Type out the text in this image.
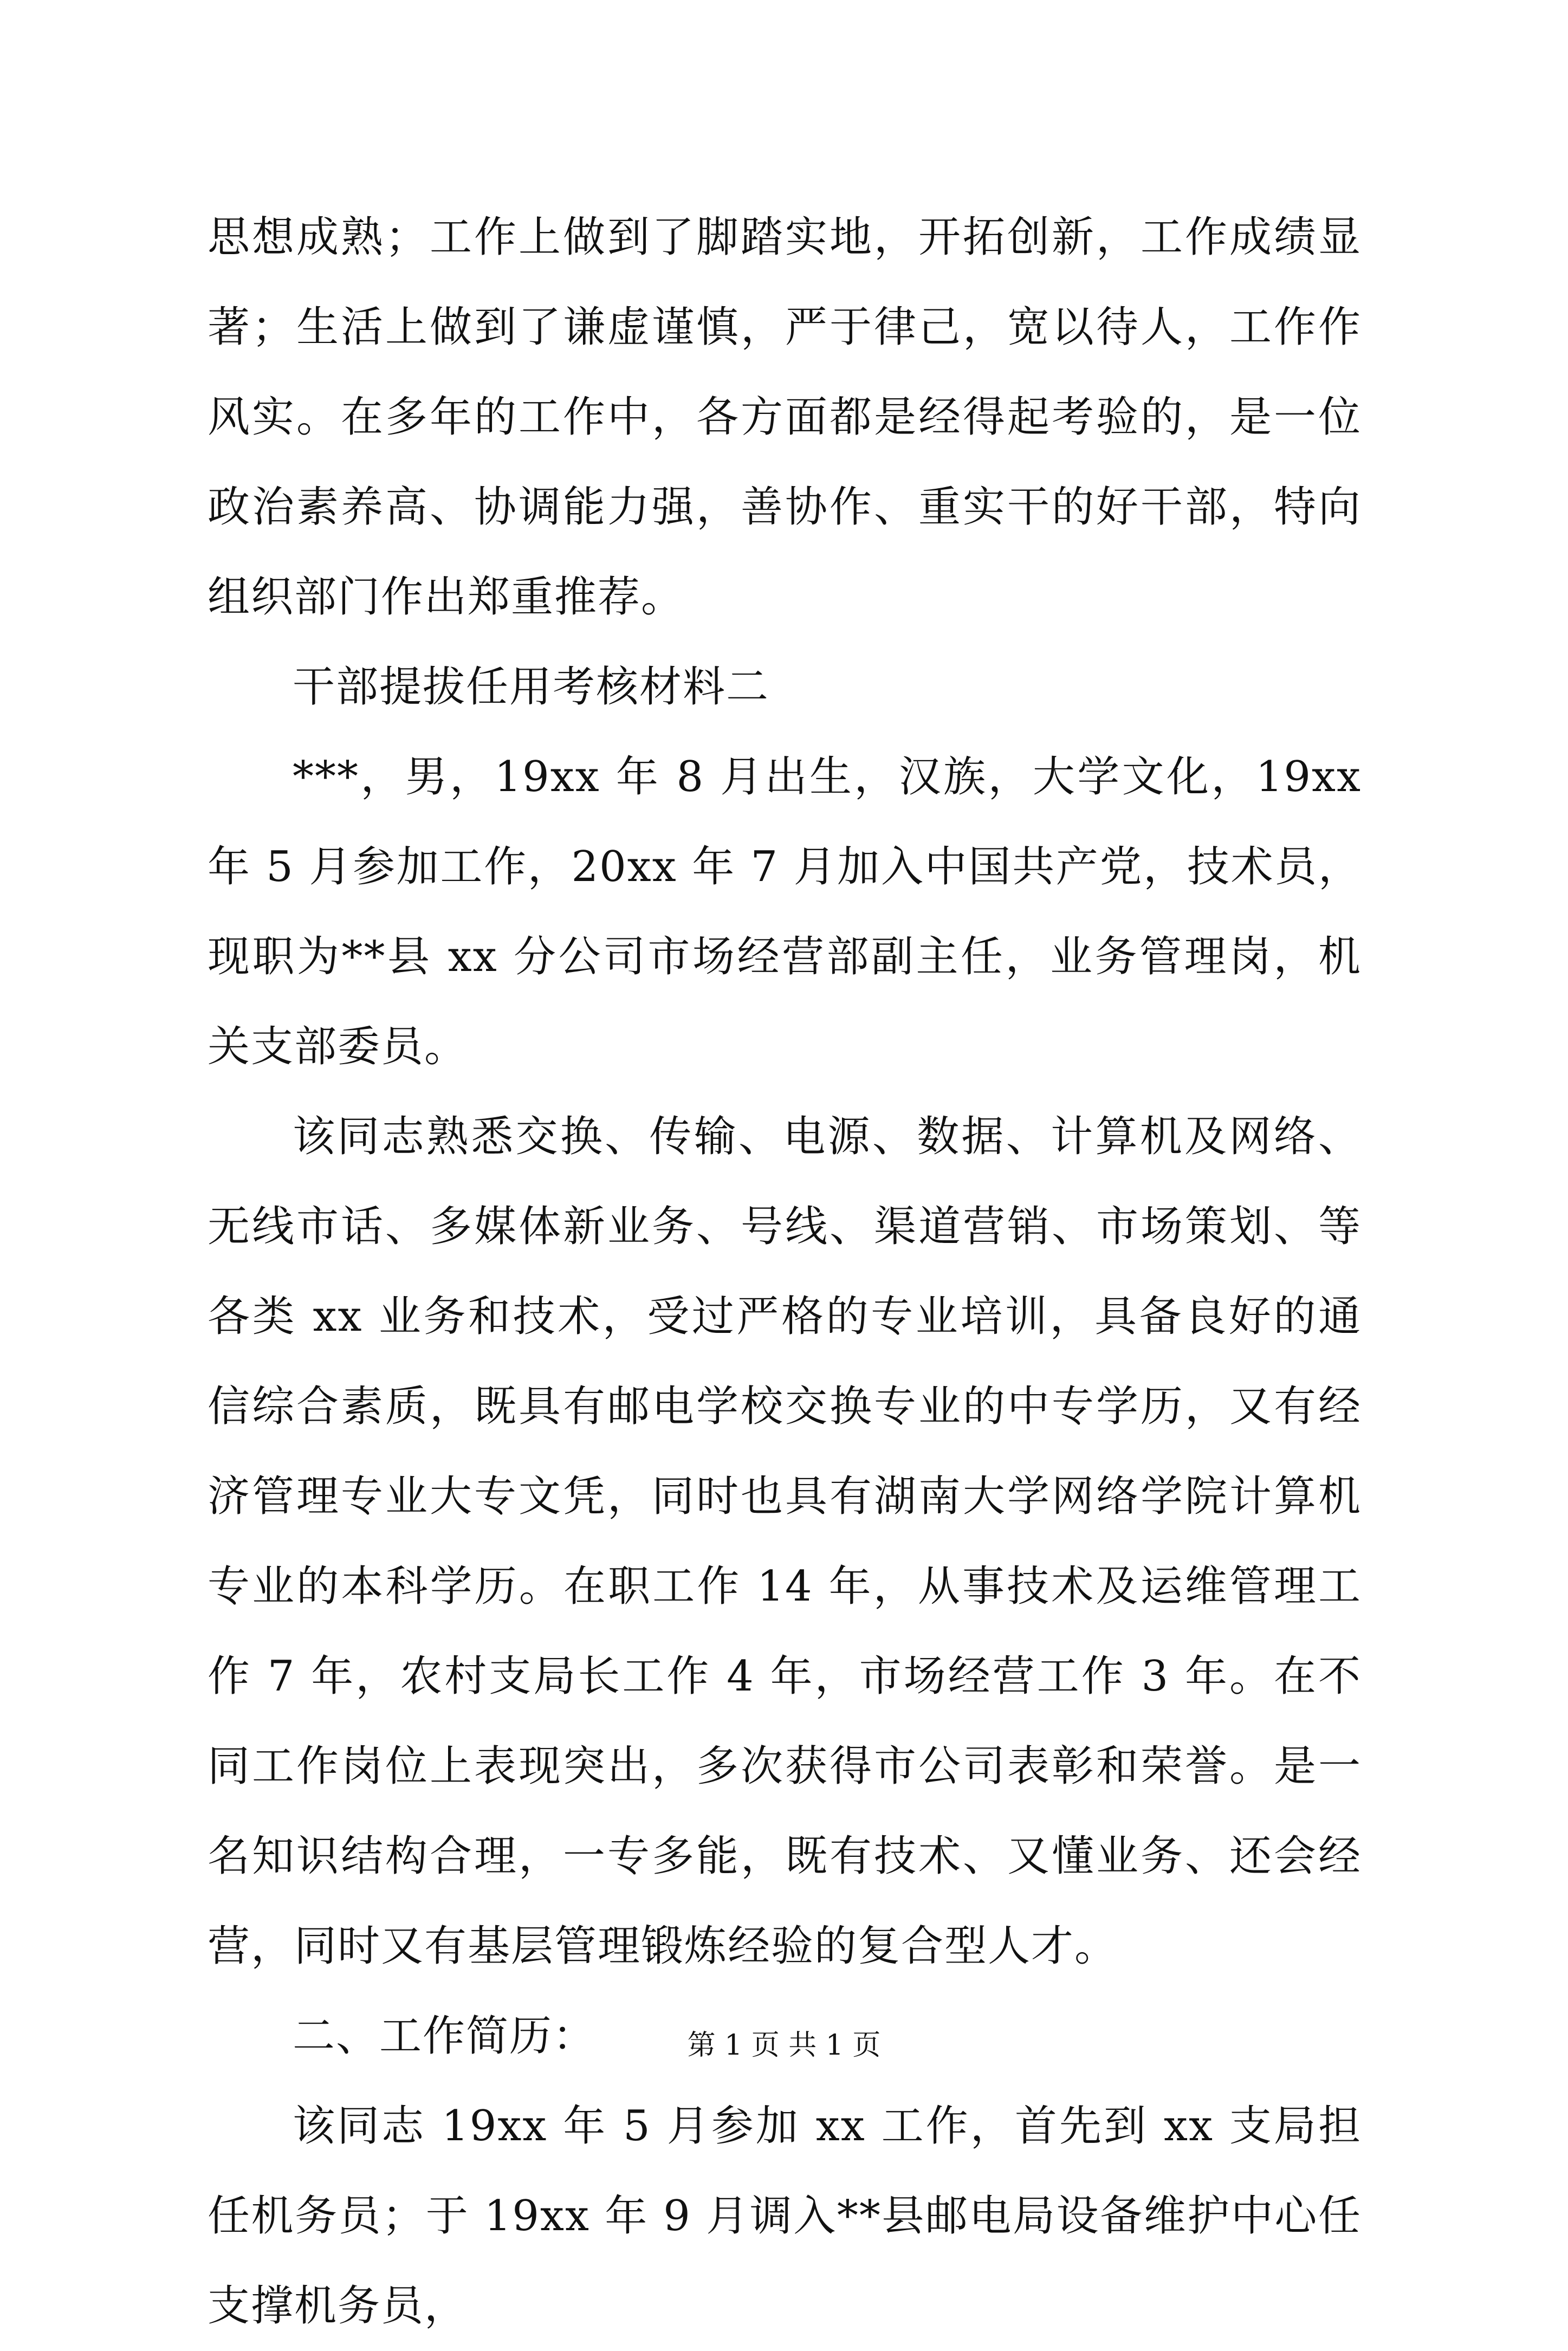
思想成熟；工作上做到了脚踏实地，开拓创新，工作成绩显著；生活上做到了谦虚谨慎，严于律己，宽以待人，工作作风实。在多年的工作中，各方面都是经得起考验的，是一位政治素养高、协调能力强，善协作、重实干的好干部，特向组织部门作出郑重推荐。

干部提拔任用考核材料二

***，男，19xx 年 8 月出生，汉族，大学文化，19xx 年 5 月参加工作，20xx 年 7 月加入中国共产党，技术员，现职为**县 xx 分公司市场经营部副主任，业务管理岗，机关支部委员。

该同志熟悉交换、传输、电源、数据、计算机及网络、无线市话、多媒体新业务、号线、渠道营销、市场策划、等各类 xx 业务和技术，受过严格的专业培训，具备良好的通信综合素质，既具有邮电学校交换专业的中专学历，又有经济管理专业大专文凭，同时也具有湖南大学网络学院计算机专业的本科学历。在职工作 14 年，从事技术及运维管理工作 7 年，农村支局长工作 4 年，市场经营工作 3 年。在不同工作岗位上表现突出，多次获得市公司表彰和荣誉。是一名知识结构合理，一专多能，既有技术、又懂业务、还会经营，同时又有基层管理锻炼经验的复合型人才。

二、工作简历：

该同志 19xx 年 5 月参加 xx 工作，首先到 xx 支局担任机务员；于 19xx 年 9 月调入**县邮电局设备维护中心任支撑机务员，

第 1 页 共 1 页
